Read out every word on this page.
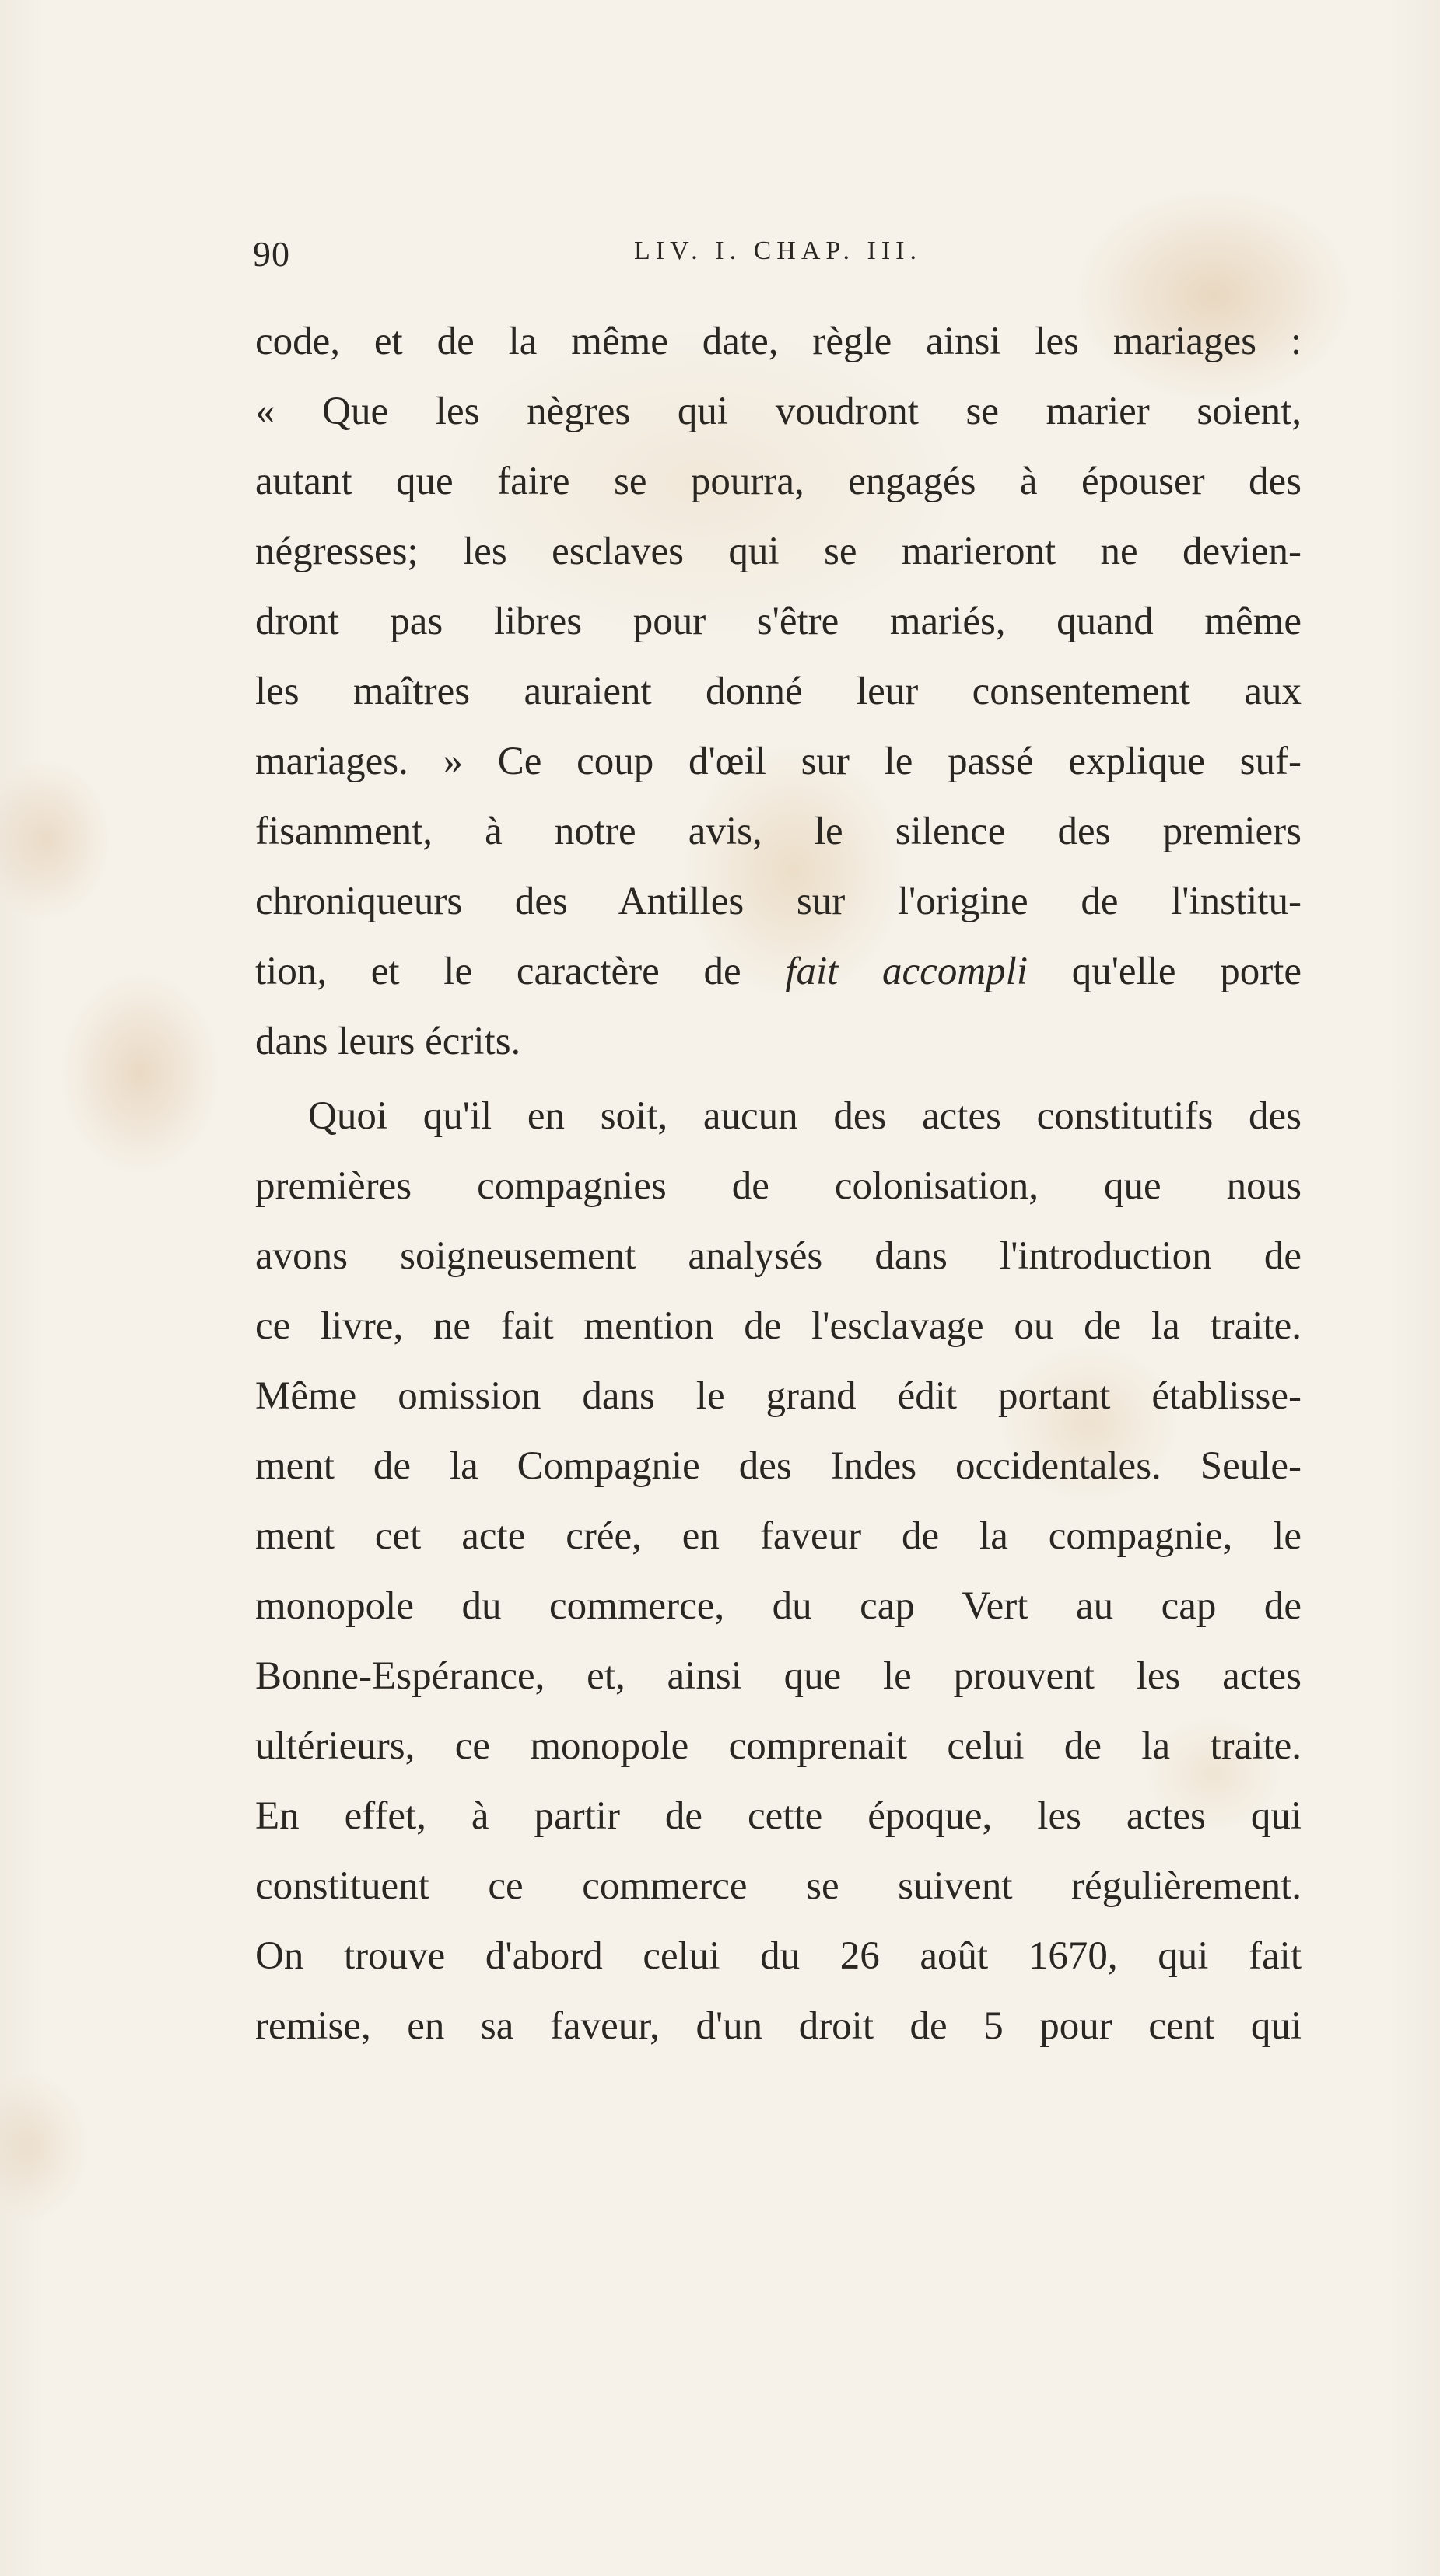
90	LIV. I. CHAP. III.
code, et de la même date, règle ainsi les mariages :
« Que les nègres qui voudront se marier soient,
autant que faire se pourra, engagés à épouser des
négresses; les esclaves qui se marieront ne devien-
dront pas libres pour s'être mariés, quand même
les maîtres auraient donné leur consentement aux
mariages. » Ce coup d'œil sur le passé explique suf-
fisamment, à notre avis, le silence des premiers
chroniqueurs des Antilles sur l'origine de l'institu-
tion, et le caractère de fait accompli qu'elle porte
dans leurs écrits.
Quoi qu'il en soit, aucun des actes constitutifs des
premières compagnies de colonisation, que nous
avons soigneusement analysés dans l'introduction de
ce livre, ne fait mention de l'esclavage ou de la traite.
Même omission dans le grand édit portant établisse-
ment de la Compagnie des Indes occidentales. Seule-
ment cet acte crée, en faveur de la compagnie, le
monopole du commerce, du cap Vert au cap de
Bonne-Espérance, et, ainsi que le prouvent les actes
ultérieurs, ce monopole comprenait celui de la traite.
En effet, à partir de cette époque, les actes qui
constituent ce commerce se suivent régulièrement.
On trouve d'abord celui du 26 août 1670, qui fait
remise, en sa faveur, d'un droit de 5 pour cent qui
